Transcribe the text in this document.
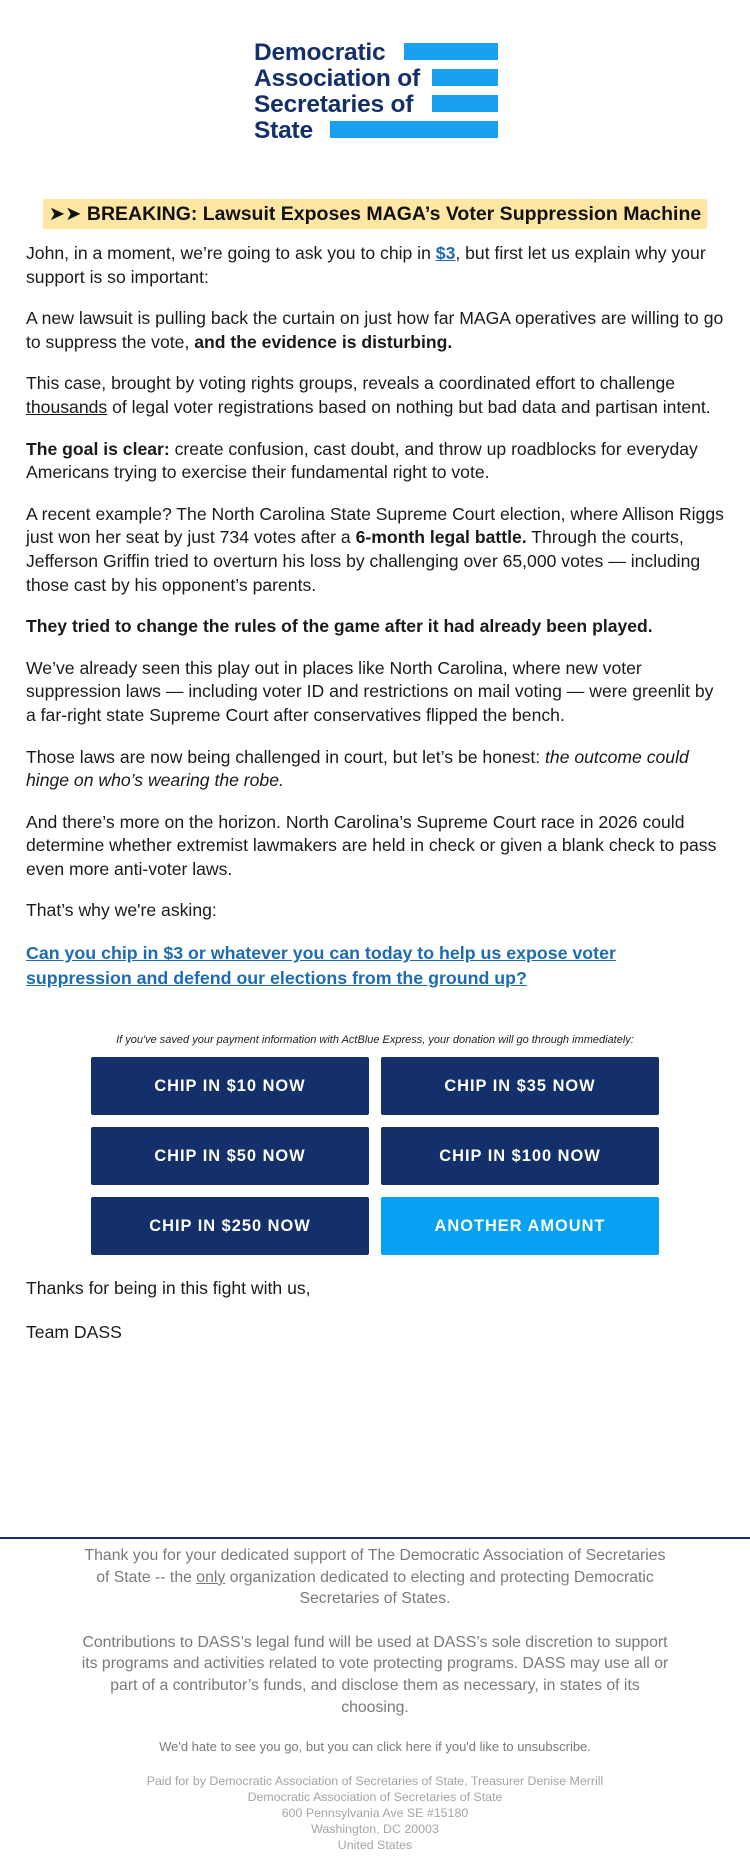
Democratic
Association of
Secretaries of
State
➤➤ BREAKING: Lawsuit Exposes MAGA’s Voter Suppression Machine

John, in a moment, we’re going to ask you to chip in $3, but first let us explain why your support is so important:

A new lawsuit is pulling back the curtain on just how far MAGA operatives are willing to go to suppress the vote, and the evidence is disturbing.

This case, brought by voting rights groups, reveals a coordinated effort to challenge thousands of legal voter registrations based on nothing but bad data and partisan intent.

The goal is clear: create confusion, cast doubt, and throw up roadblocks for everyday Americans trying to exercise their fundamental right to vote.

A recent example? The North Carolina State Supreme Court election, where Allison Riggs just won her seat by just 734 votes after a 6-month legal battle. Through the courts, Jefferson Griffin tried to overturn his loss by challenging over 65,000 votes — including those cast by his opponent’s parents.

They tried to change the rules of the game after it had already been played.

We’ve already seen this play out in places like North Carolina, where new voter suppression laws — including voter ID and restrictions on mail voting — were greenlit by a far-right state Supreme Court after conservatives flipped the bench.

Those laws are now being challenged in court, but let’s be honest: the outcome could hinge on who’s wearing the robe.

And there’s more on the horizon. North Carolina’s Supreme Court race in 2026 could determine whether extremist lawmakers are held in check or given a blank check to pass even more anti-voter laws.

That’s why we're asking:

Can you chip in $3 or whatever you can today to help us expose voter suppression and defend our elections from the ground up?

If you've saved your payment information with ActBlue Express, your donation will go through immediately:
CHIP IN $10 NOW	CHIP IN $35 NOW
CHIP IN $50 NOW	CHIP IN $100 NOW
CHIP IN $250 NOW	ANOTHER AMOUNT

Thanks for being in this fight with us,

Team DASS

Thank you for your dedicated support of The Democratic Association of Secretaries of State -- the only organization dedicated to electing and protecting Democratic Secretaries of States.
Contributions to DASS’s legal fund will be used at DASS’s sole discretion to support its programs and activities related to vote protecting programs. DASS may use all or part of a contributor’s funds, and disclose them as necessary, in states of its choosing.
We'd hate to see you go, but you can click here if you'd like to unsubscribe.
Paid for by Democratic Association of Secretaries of State, Treasurer Denise Merrill
Democratic Association of Secretaries of State
600 Pennsylvania Ave SE #15180
Washington, DC 20003
United States
